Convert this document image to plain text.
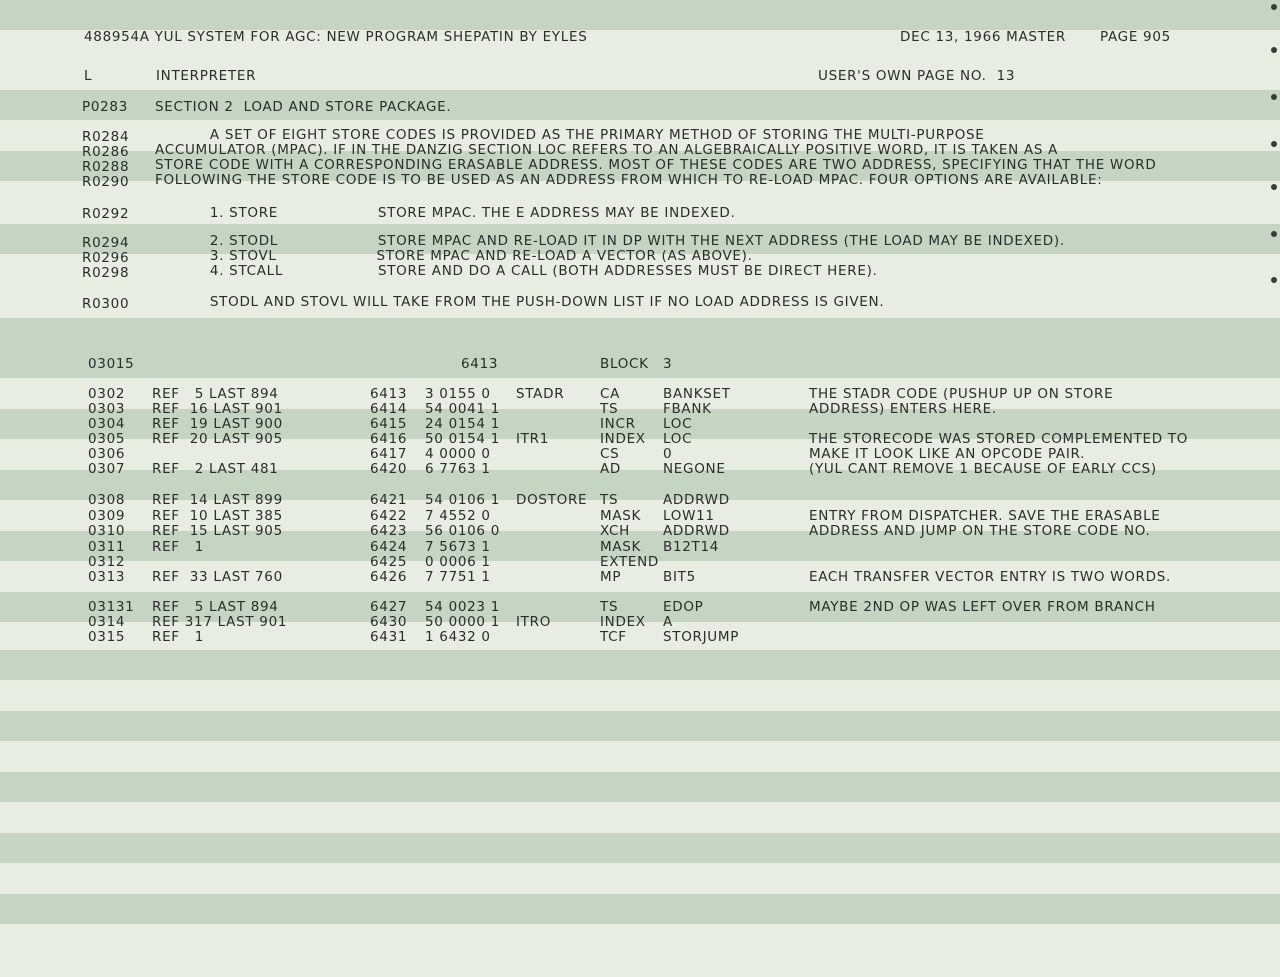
488954A YUL SYSTEM FOR AGC: NEW PROGRAM SHEPATIN BY EYLES	DEC 13, 1966 MASTER	PAGE 905
L	INTERPRETER	USER'S OWN PAGE NO.  13
P0283 SECTION 2  LOAD AND STORE PACKAGE.
R0284 A SET OF EIGHT STORE CODES IS PROVIDED AS THE PRIMARY METHOD OF STORING THE MULTI-PURPOSE
R0286 ACCUMULATOR (MPAC). IF IN THE DANZIG SECTION LOC REFERS TO AN ALGEBRAICALLY POSITIVE WORD, IT IS TAKEN AS A
R0288 STORE CODE WITH A CORRESPONDING ERASABLE ADDRESS. MOST OF THESE CODES ARE TWO ADDRESS, SPECIFYING THAT THE WORD
R0290 FOLLOWING THE STORE CODE IS TO BE USED AS AN ADDRESS FROM WHICH TO RE-LOAD MPAC. FOUR OPTIONS ARE AVAILABLE:
R0292 1. STORE                    STORE MPAC. THE E ADDRESS MAY BE INDEXED.
R0294 2. STODL                    STORE MPAC AND RE-LOAD IT IN DP WITH THE NEXT ADDRESS (THE LOAD MAY BE INDEXED).
R0296 3. STOVL                    STORE MPAC AND RE-LOAD A VECTOR (AS ABOVE).
R0298 4. STCALL                   STORE AND DO A CALL (BOTH ADDRESSES MUST BE DIRECT HERE).
R0300 STODL AND STOVL WILL TAKE FROM THE PUSH-DOWN LIST IF NO LOAD ADDRESS IS GIVEN.
03015	6413	BLOCK 3
0302 REF   5 LAST 894	6413 3 0155 0 STADR	CA	BANKSET	THE STADR CODE (PUSHUP UP ON STORE
0303 REF  16 LAST 901	6414 54 0041 1	TS	FBANK	ADDRESS) ENTERS HERE.
0304 REF  19 LAST 900	6415 24 0154 1	INCR LOC
0305 REF  20 LAST 905	6416 50 0154 1 ITR1	INDEX LOC	THE STORECODE WAS STORED COMPLEMENTED TO
0306	6417 4 0000 0	CS	0	MAKE IT LOOK LIKE AN OPCODE PAIR.
0307 REF   2 LAST 481	6420 6 7763 1	AD	NEGONE	(YUL CANT REMOVE 1 BECAUSE OF EARLY CCS)
0308 REF  14 LAST 899	6421 54 0106 1 DOSTORE TS	ADDRWD
0309 REF  10 LAST 385	6422 7 4552 0	MASK LOW11	ENTRY FROM DISPATCHER. SAVE THE ERASABLE
0310 REF  15 LAST 905	6423 56 0106 0	XCH ADDRWD	ADDRESS AND JUMP ON THE STORE CODE NO.
0311 REF   1	6424 7 5673 1	MASK B12T14
0312	6425 0 0006 1	EXTEND
0313 REF  33 LAST 760	6426 7 7751 1	MP	BIT5	EACH TRANSFER VECTOR ENTRY IS TWO WORDS.
03131 REF   5 LAST 894	6427 54 0023 1	TS	EDOP	MAYBE 2ND OP WAS LEFT OVER FROM BRANCH
0314 REF 317 LAST 901	6430 50 0000 1 ITRO	INDEX A
0315 REF   1	6431 1 6432 0	TCF	STORJUMP
